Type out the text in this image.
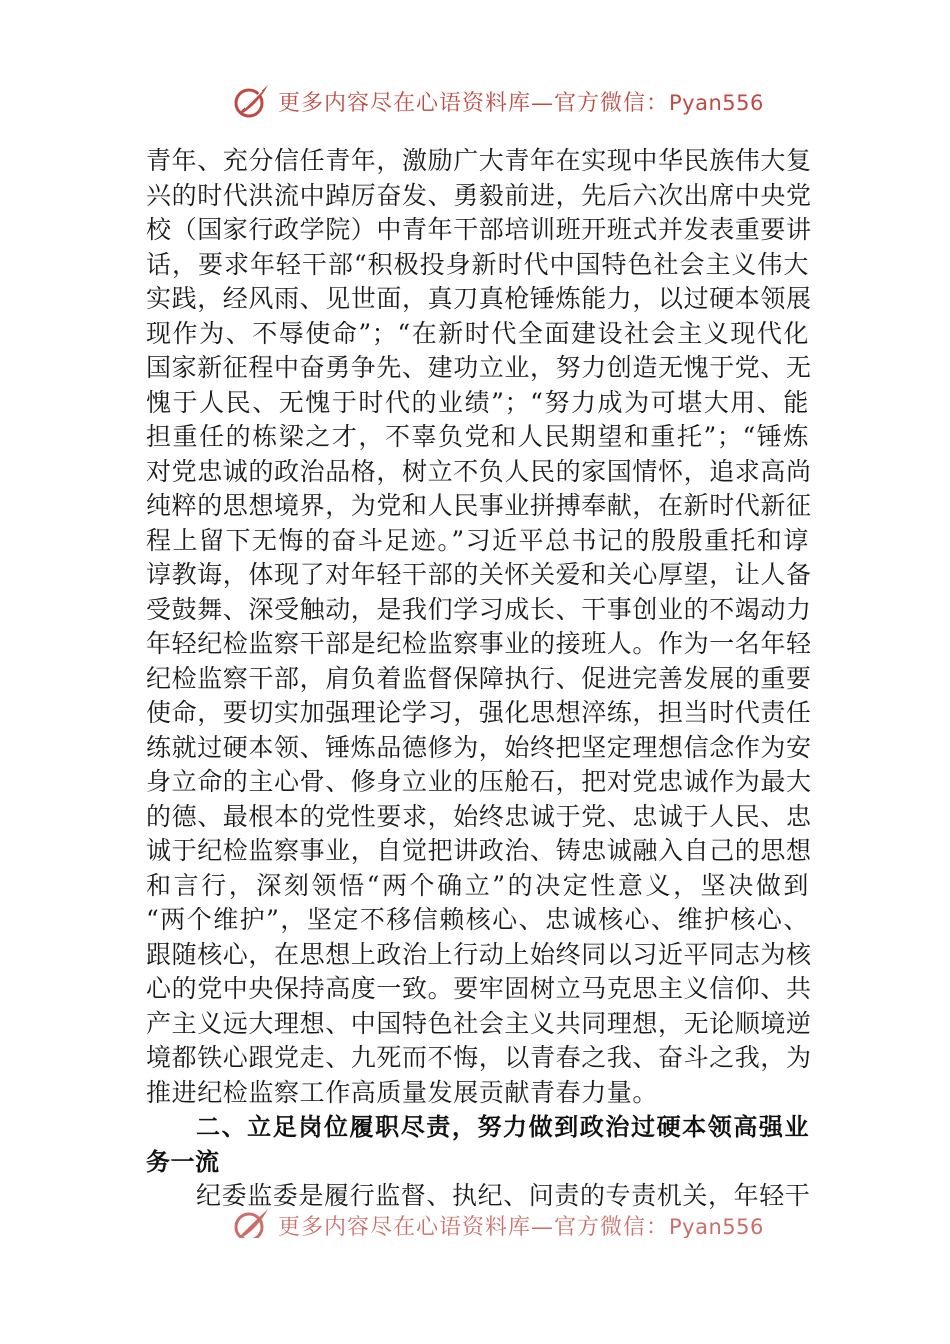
更多内容尽在心语资料库—官方微信：Pyan556
青年、充分信任青年，激励广大青年在实现中华民族伟大复
兴的时代洪流中踔厉奋发、勇毅前进，先后六次出席中央党
校（国家行政学院）中青年干部培训班开班式并发表重要讲
话，要求年轻干部“积极投身新时代中国特色社会主义伟大
实践，经风雨、见世面，真刀真枪锤炼能力，以过硬本领展
现作为、不辱使命”；“在新时代全面建设社会主义现代化
国家新征程中奋勇争先、建功立业，努力创造无愧于党、无
愧于人民、无愧于时代的业绩”；“努力成为可堪大用、能
担重任的栋梁之才，不辜负党和人民期望和重托”；“锤炼
对党忠诚的政治品格，树立不负人民的家国情怀，追求高尚
纯粹的思想境界，为党和人民事业拼搏奉献，在新时代新征
程上留下无悔的奋斗足迹。”习近平总书记的殷殷重托和谆
谆教诲，体现了对年轻干部的关怀关爱和关心厚望，让人备
受鼓舞、深受触动，是我们学习成长、干事创业的不竭动力
年轻纪检监察干部是纪检监察事业的接班人。作为一名年轻
纪检监察干部，肩负着监督保障执行、促进完善发展的重要
使命，要切实加强理论学习，强化思想淬练，担当时代责任
练就过硬本领、锤炼品德修为，始终把坚定理想信念作为安
身立命的主心骨、修身立业的压舱石，把对党忠诚作为最大
的德、最根本的党性要求，始终忠诚于党、忠诚于人民、忠
诚于纪检监察事业，自觉把讲政治、铸忠诚融入自己的思想
和言行，深刻领悟“两个确立”的决定性意义，坚决做到
“两个维护”，坚定不移信赖核心、忠诚核心、维护核心、
跟随核心，在思想上政治上行动上始终同以习近平同志为核
心的党中央保持高度一致。要牢固树立马克思主义信仰、共
产主义远大理想、中国特色社会主义共同理想，无论顺境逆
境都铁心跟党走、九死而不悔，以青春之我、奋斗之我，为
推进纪检监察工作高质量发展贡献青春力量。
二、立足岗位履职尽责，努力做到政治过硬本领高强业
务一流
纪委监委是履行监督、执纪、问责的专责机关，年轻干
更多内容尽在心语资料库—官方微信：Pyan556
